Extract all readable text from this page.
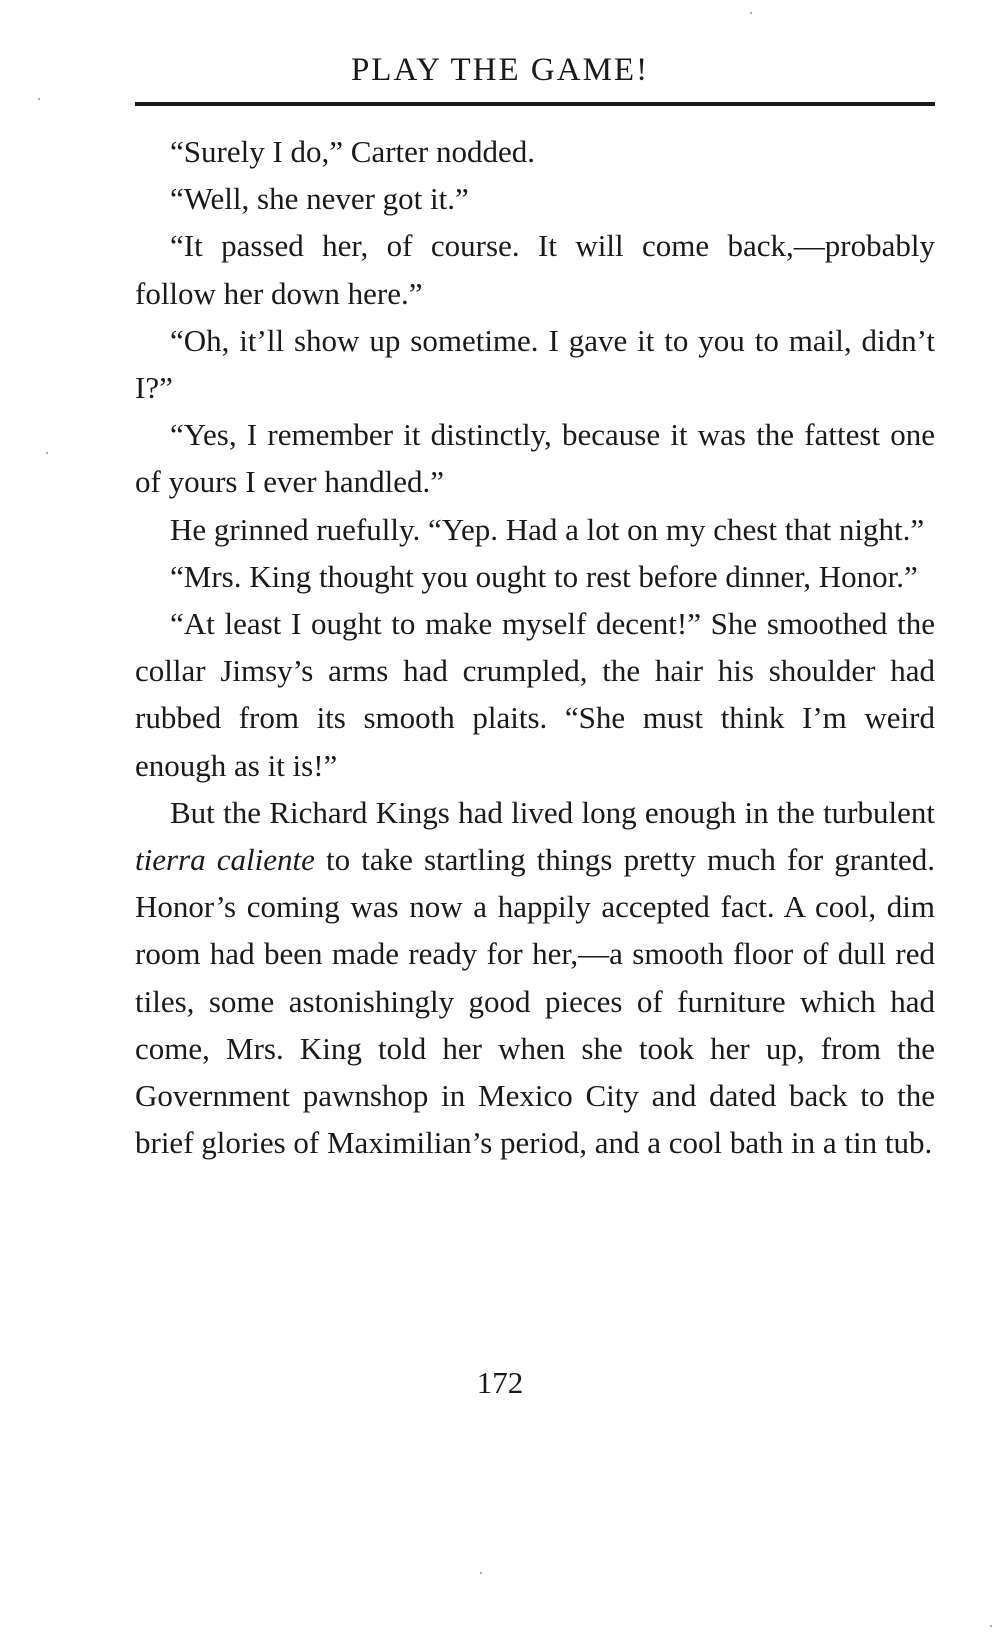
PLAY THE GAME!

“Surely I do,” Carter nodded.

“Well, she never got it.”

“It passed her, of course. It will come back,—probably follow her down here.”

“Oh, it’ll show up sometime. I gave it to you to mail, didn’t I?”

“Yes, I remember it distinctly, because it was the fattest one of yours I ever handled.”

He grinned ruefully. “Yep. Had a lot on my chest that night.”

“Mrs. King thought you ought to rest before dinner, Honor.”

“At least I ought to make myself decent!” She smoothed the collar Jimsy’s arms had crumpled, the hair his shoulder had rubbed from its smooth plaits. “She must think I’m weird enough as it is!”

But the Richard Kings had lived long enough in the turbulent tierra caliente to take startling things pretty much for granted. Honor’s coming was now a happily accepted fact. A cool, dim room had been made ready for her,—a smooth floor of dull red tiles, some astonishingly good pieces of furniture which had come, Mrs. King told her when she took her up, from the Government pawnshop in Mexico City and dated back to the brief glories of Maximilian’s period, and a cool bath in a tin tub.

172
